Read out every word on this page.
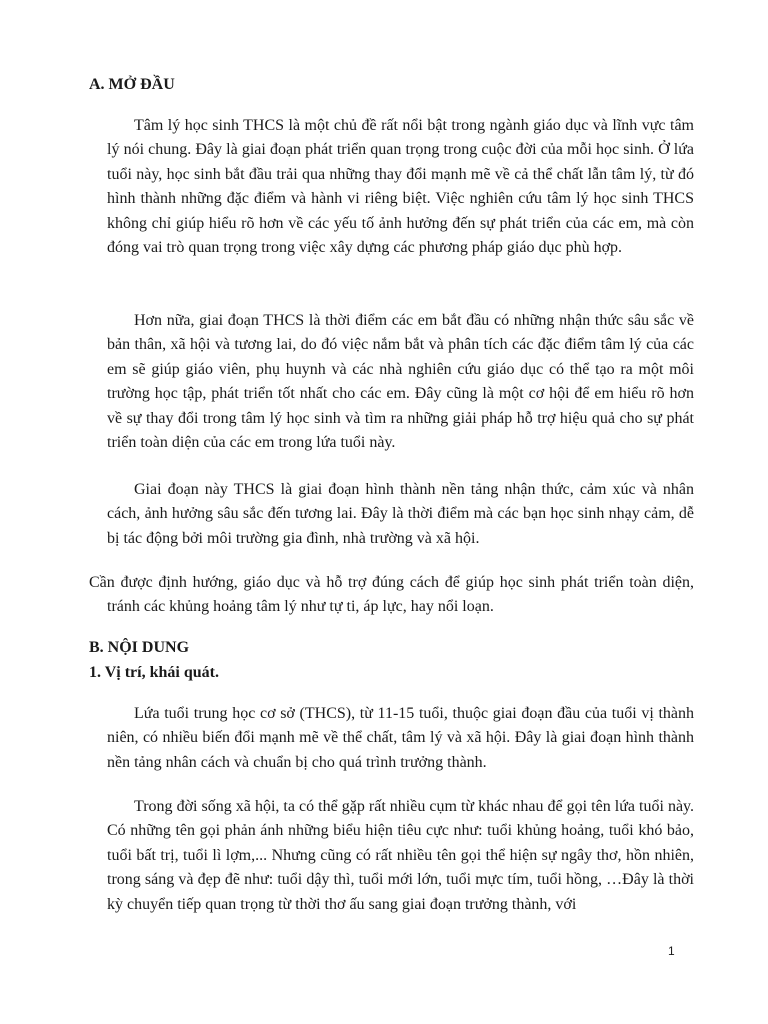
A. MỞ ĐẦU

Tâm lý học sinh THCS là một chủ đề rất nổi bật trong ngành giáo dục và lĩnh vực tâm lý nói chung. Đây là giai đoạn phát triển quan trọng trong cuộc đời của mỗi học sinh. Ở lứa tuổi này, học sinh bắt đầu trải qua những thay đổi mạnh mẽ về cả thể chất lẫn tâm lý, từ đó hình thành những đặc điểm và hành vi riêng biệt. Việc nghiên cứu tâm lý học sinh THCS không chỉ giúp hiểu rõ hơn về các yếu tố ảnh hưởng đến sự phát triển của các em, mà còn đóng vai trò quan trọng trong việc xây dựng các phương pháp giáo dục phù hợp.

Hơn nữa, giai đoạn THCS là thời điểm các em bắt đầu có những nhận thức sâu sắc về bản thân, xã hội và tương lai, do đó việc nắm bắt và phân tích các đặc điểm tâm lý của các em sẽ giúp giáo viên, phụ huynh và các nhà nghiên cứu giáo dục có thể tạo ra một môi trường học tập, phát triển tốt nhất cho các em. Đây cũng là một cơ hội để em hiểu rõ hơn về sự thay đổi trong tâm lý học sinh và tìm ra những giải pháp hỗ trợ hiệu quả cho sự phát triển toàn diện của các em trong lứa tuổi này.

Giai đoạn này THCS là giai đoạn hình thành nền tảng nhận thức, cảm xúc và nhân cách, ảnh hưởng sâu sắc đến tương lai. Đây là thời điểm mà các bạn học sinh nhạy cảm, dễ bị tác động bởi môi trường gia đình, nhà trường và xã hội.

Cần được định hướng, giáo dục và hỗ trợ đúng cách để giúp học sinh phát triển toàn diện, tránh các khủng hoảng tâm lý như tự ti, áp lực, hay nổi loạn.

B. NỘI DUNG
1. Vị trí, khái quát.

Lứa tuổi trung học cơ sở (THCS), từ 11-15 tuổi, thuộc giai đoạn đầu của tuổi vị thành niên, có nhiều biến đổi mạnh mẽ về thể chất, tâm lý và xã hội. Đây là giai đoạn hình thành nền tảng nhân cách và chuẩn bị cho quá trình trưởng thành.

Trong đời sống xã hội, ta có thể gặp rất nhiều cụm từ khác nhau để gọi tên lứa tuổi này. Có những tên gọi phản ánh những biểu hiện tiêu cực như: tuổi khủng hoảng, tuổi khó bảo, tuổi bất trị, tuổi lì lợm,... Nhưng cũng có rất nhiều tên gọi thể hiện sự ngây thơ, hồn nhiên, trong sáng và đẹp đẽ như: tuổi dậy thì, tuổi mới lớn, tuổi mực tím, tuổi hồng, …Đây là thời kỳ chuyển tiếp quan trọng từ thời thơ ấu sang giai đoạn trưởng thành, với

1
